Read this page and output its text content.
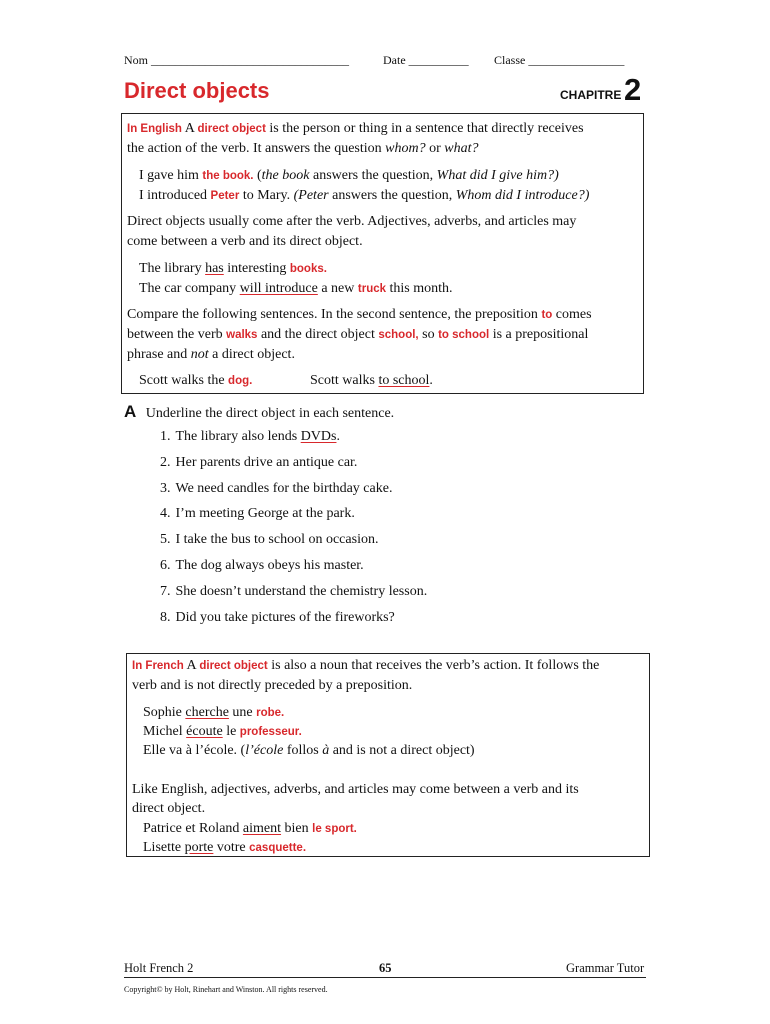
Nom _________________________________	Date __________ Classe ________________
Direct objects	CHAPITRE 2
In English A direct object is the person or thing in a sentence that directly receives
the action of the verb. It answers the question whom? or what?
I gave him the book. (the book answers the question, What did I give him?)
I introduced Peter to Mary. (Peter answers the question, Whom did I introduce?)
Direct objects usually come after the verb. Adjectives, adverbs, and articles may
come between a verb and its direct object.
The library has interesting books.
The car company will introduce a new truck this month.
Compare the following sentences. In the second sentence, the preposition to comes
between the verb walks and the direct object school, so to school is a prepositional
phrase and not a direct object.
Scott walks the dog.	Scott walks to school.
A Underline the direct object in each sentence.
1. The library also lends DVDs.
2. Her parents drive an antique car.
3. We need candles for the birthday cake.
4. I’m meeting George at the park.
5. I take the bus to school on occasion.
6. The dog always obeys his master.
7. She doesn’t understand the chemistry lesson.
8. Did you take pictures of the fireworks?
In French A direct object is also a noun that receives the verb’s action. It follows the
verb and is not directly preceded by a preposition.
Sophie cherche une robe.
Michel écoute le professeur.
Elle va à l’école. (l’école follos à and is not a direct object)
Like English, adjectives, adverbs, and articles may come between a verb and its
direct object.
Patrice et Roland aiment bien le sport.
Lisette porte votre casquette.
Holt French 2	65	Grammar Tutor
Copyright© by Holt, Rinehart and Winston. All rights reserved.
